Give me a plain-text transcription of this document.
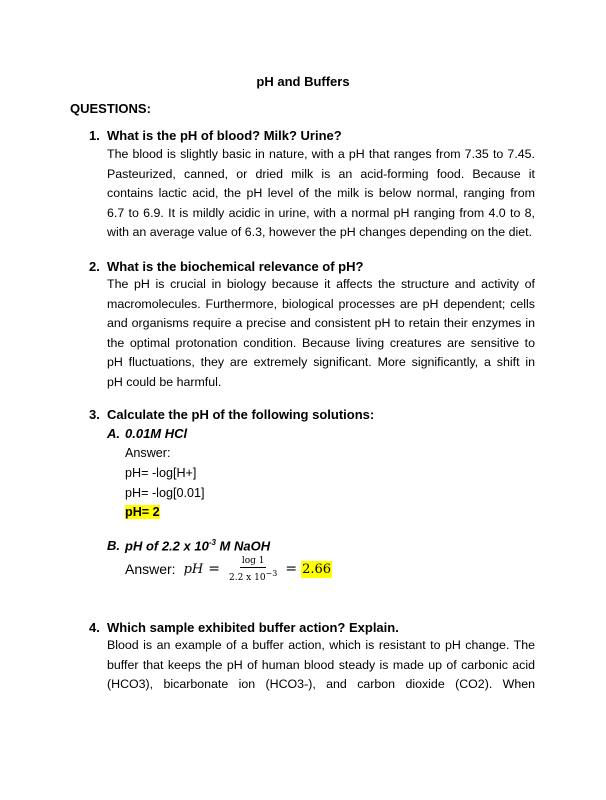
pH and Buffers
QUESTIONS:
1. What is the pH of blood? Milk? Urine?
The blood is slightly basic in nature, with a pH that ranges from 7.35 to 7.45.
Pasteurized, canned, or dried milk is an acid-forming food. Because it
contains lactic acid, the pH level of the milk is below normal, ranging from
6.7 to 6.9. It is mildly acidic in urine, with a normal pH ranging from 4.0 to 8,
with an average value of 6.3, however the pH changes depending on the diet.
2. What is the biochemical relevance of pH?
The pH is crucial in biology because it affects the structure and activity of
macromolecules. Furthermore, biological processes are pH dependent; cells
and organisms require a precise and consistent pH to retain their enzymes in
the optimal protonation condition. Because living creatures are sensitive to
pH fluctuations, they are extremely significant. More significantly, a shift in
pH could be harmful.
3. Calculate the pH of the following solutions:
A. 0.01M HCl
Answer:
pH= -log[H+]
pH= -log[0.01]
pH= 2
B. pH of 2.2 x $10^{-3}$ M NaOH
Answer: pH = $\frac{\log 1}{2.2 x 10^{-3}} = 2.66$
4. Which sample exhibited buffer action? Explain.
Blood is an example of a buffer action, which is resistant to pH change. The
buffer that keeps the pH of human blood steady is made up of carbonic acid
(HCO3), bicarbonate ion (HCO3-), and carbon dioxide (CO2). When
